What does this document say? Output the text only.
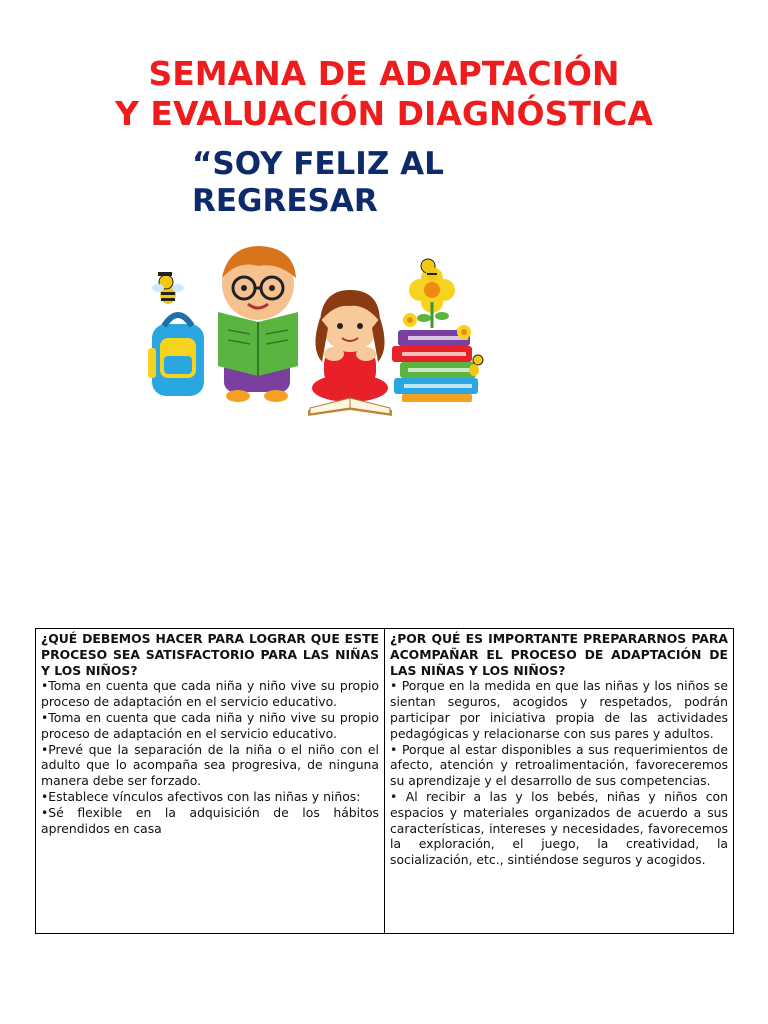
SEMANA DE ADAPTACIÓN
Y EVALUACIÓN DIAGNÓSTICA
“SOY FELIZ AL
REGRESAR
¿QUÉ DEBEMOS HACER PARA LOGRAR QUE ESTE PROCESO SEA SATISFACTORIO PARA LAS NIÑAS Y LOS NIÑOS?
•Toma en cuenta que cada niña y niño vive su propio proceso de adaptación en el servicio educativo.
•Toma en cuenta que cada niña y niño vive su propio proceso de adaptación en el servicio educativo.
•Prevé que la separación de la niña o el niño con el adulto que lo acompaña sea progresiva, de ninguna manera debe ser forzado.
•Establece vínculos afectivos con las niñas y niños:
•Sé flexible en la adquisición de los hábitos aprendidos en casa

¿POR QUÉ ES IMPORTANTE PREPARARNOS PARA ACOMPAÑAR EL PROCESO DE ADAPTACIÓN DE LAS NIÑAS Y LOS NIÑOS?
• Porque en la medida en que las niñas y los niños se sientan seguros, acogidos y respetados, podrán participar por iniciativa propia de las actividades pedagógicas y relacionarse con sus pares y adultos.
• Porque al estar disponibles a sus requerimientos de afecto, atención y retroalimentación, favoreceremos su aprendizaje y el desarrollo de sus competencias.
• Al recibir a las y los bebés, niñas y niños con espacios y materiales organizados de acuerdo a sus características, intereses y necesidades, favorecemos la exploración, el juego, la creatividad, la socialización, etc., sintiéndose seguros y acogidos.
